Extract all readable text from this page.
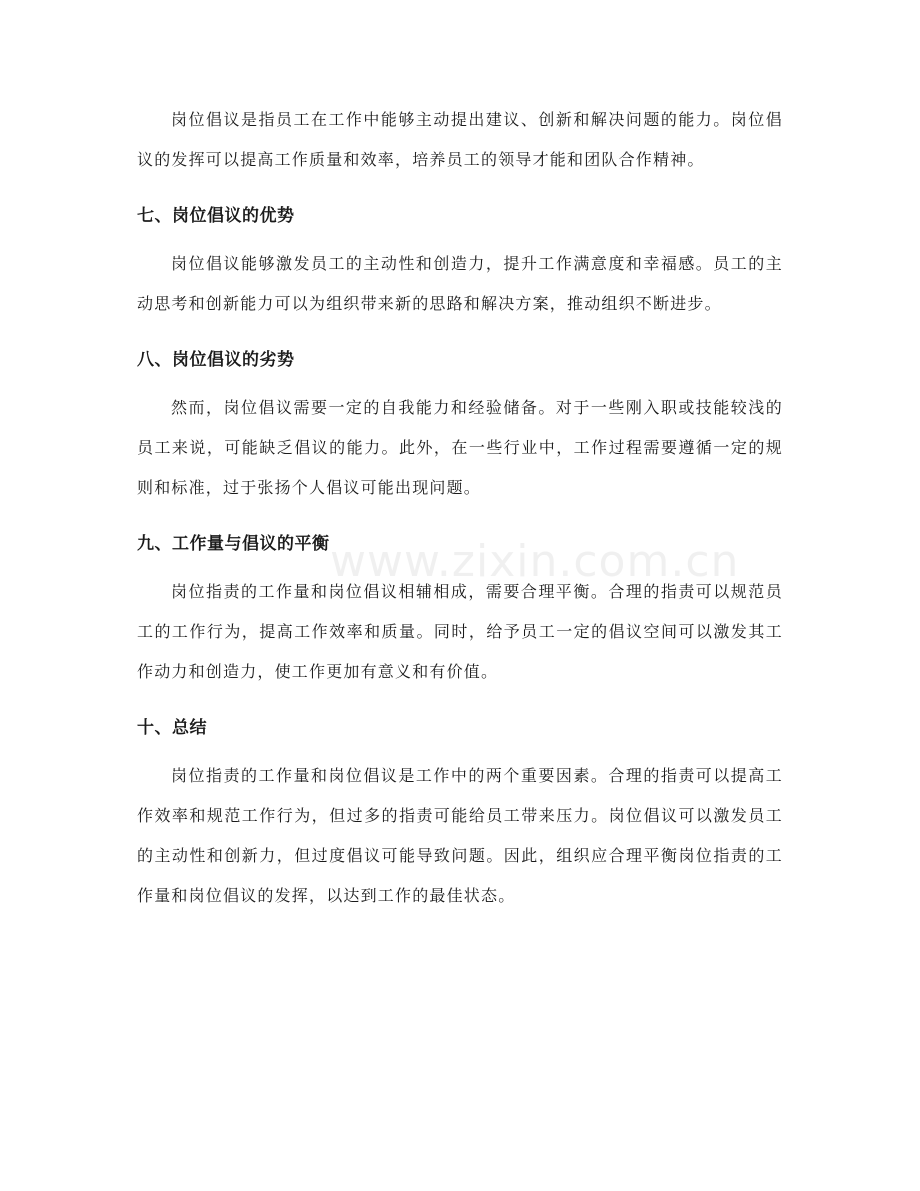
www.zixin.com.cn

岗位倡议是指员工在工作中能够主动提出建议、创新和解决问题的能力。岗位倡议的发挥可以提高工作质量和效率，培养员工的领导才能和团队合作精神。

七、岗位倡议的优势

岗位倡议能够激发员工的主动性和创造力，提升工作满意度和幸福感。员工的主动思考和创新能力可以为组织带来新的思路和解决方案，推动组织不断进步。

八、岗位倡议的劣势

然而，岗位倡议需要一定的自我能力和经验储备。对于一些刚入职或技能较浅的员工来说，可能缺乏倡议的能力。此外，在一些行业中，工作过程需要遵循一定的规则和标准，过于张扬个人倡议可能出现问题。

九、工作量与倡议的平衡

岗位指责的工作量和岗位倡议相辅相成，需要合理平衡。合理的指责可以规范员工的工作行为，提高工作效率和质量。同时，给予员工一定的倡议空间可以激发其工作动力和创造力，使工作更加有意义和有价值。

十、总结

岗位指责的工作量和岗位倡议是工作中的两个重要因素。合理的指责可以提高工作效率和规范工作行为，但过多的指责可能给员工带来压力。岗位倡议可以激发员工的主动性和创新力，但过度倡议可能导致问题。因此，组织应合理平衡岗位指责的工作量和岗位倡议的发挥，以达到工作的最佳状态。
